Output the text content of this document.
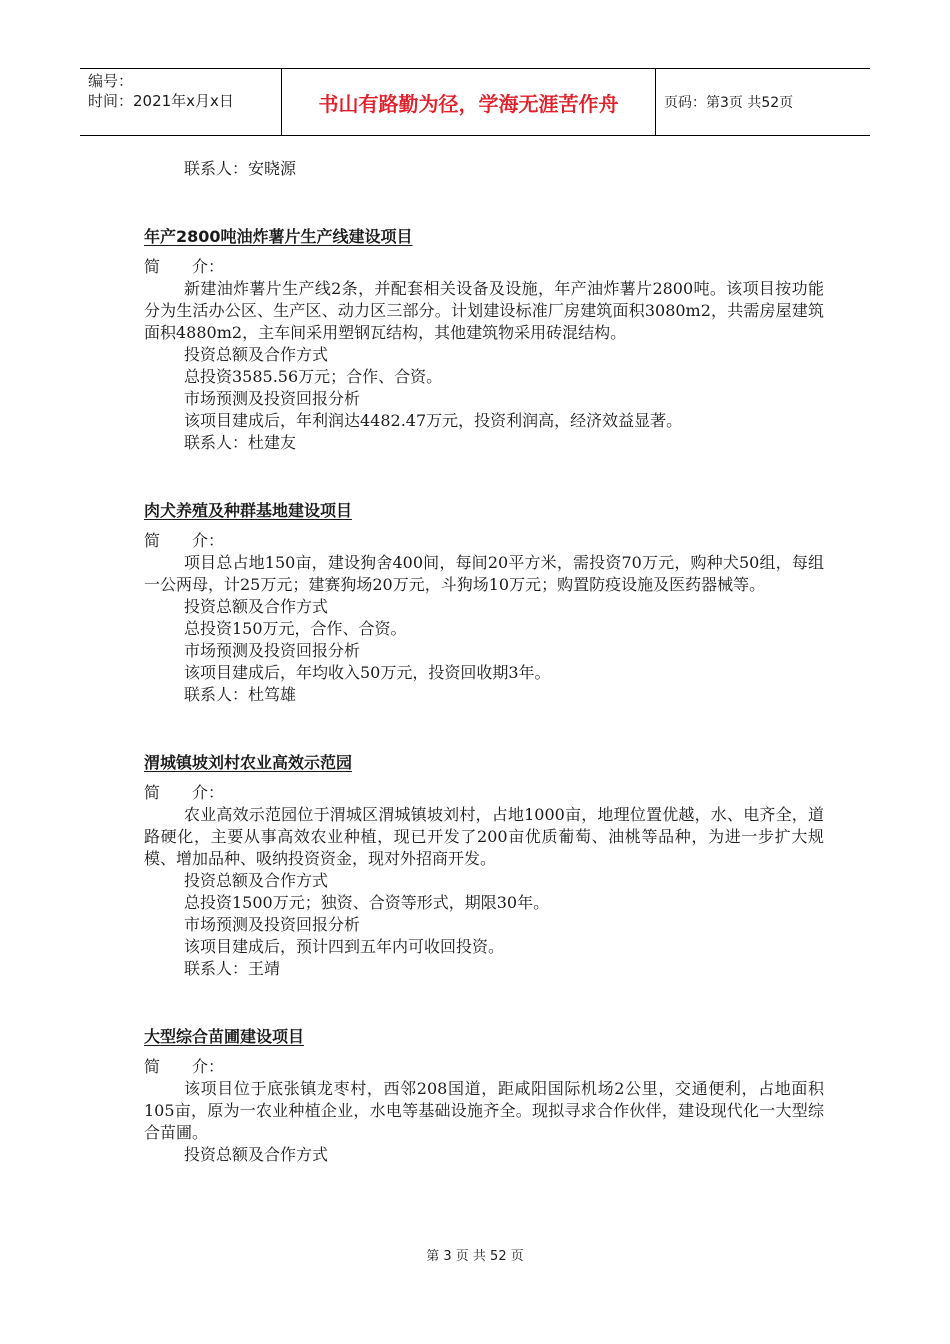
编号：
时间：2021年x月x日	书山有路勤为径，学海无涯苦作舟	页码：第3页 共52页
联系人：安晓源
年产2800吨油炸薯片生产线建设项目
简 介：
新建油炸薯片生产线2条，并配套相关设备及设施，年产油炸薯片2800吨。该项目按功能分为生活办公区、生产区、动力区三部分。计划建设标准厂房建筑面积3080m2，共需房屋建筑面积4880m2，主车间采用塑钢瓦结构，其他建筑物采用砖混结构。
投资总额及合作方式
总投资3585.56万元；合作、合资。
市场预测及投资回报分析
该项目建成后，年利润达4482.47万元，投资利润高，经济效益显著。
联系人：杜建友
肉犬养殖及种群基地建设项目
简 介：
项目总占地150亩，建设狗舍400间，每间20平方米，需投资70万元，购种犬50组，每组一公两母，计25万元；建赛狗场20万元，斗狗场10万元；购置防疫设施及医药器械等。
投资总额及合作方式
总投资150万元，合作、合资。
市场预测及投资回报分析
该项目建成后，年均收入50万元，投资回收期3年。
联系人：杜笃雄
渭城镇坡刘村农业高效示范园
简 介：
农业高效示范园位于渭城区渭城镇坡刘村，占地1000亩，地理位置优越，水、电齐全，道路硬化，主要从事高效农业种植，现已开发了200亩优质葡萄、油桃等品种，为进一步扩大规模、增加品种、吸纳投资资金，现对外招商开发。
投资总额及合作方式
总投资1500万元；独资、合资等形式，期限30年。
市场预测及投资回报分析
该项目建成后，预计四到五年内可收回投资。
联系人：王靖
大型综合苗圃建设项目
简 介：
该项目位于底张镇龙枣村，西邻208国道，距咸阳国际机场2公里，交通便利，占地面积105亩，原为一农业种植企业，水电等基础设施齐全。现拟寻求合作伙伴，建设现代化一大型综合苗圃。
投资总额及合作方式
第 3 页 共 52 页
